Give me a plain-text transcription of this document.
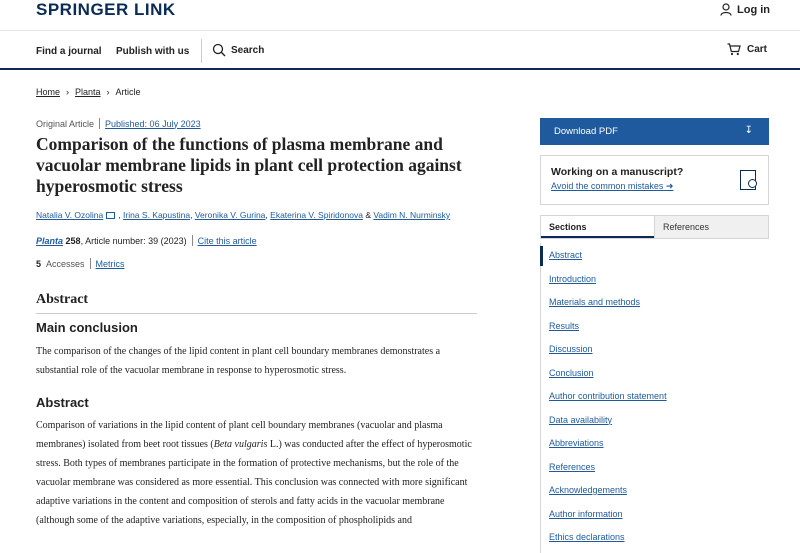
SPRINGER LINK	Log in
Find a journal Publish with us	Search	Cart
Home › Planta › Article
Original Article Published: 06 July 2023
Comparison of the functions of plasma membrane and vacuolar membrane lipids in plant cell protection against hyperosmotic stress
Natalia V. Ozolina , Irina S. Kapustina, Veronika V. Gurina, Ekaterina V. Spiridonova & Vadim N. Nurminsky
Planta
258 , Article number: 39 (2023) Cite this article
5 Accesses Metrics
Abstract
Main conclusion

The comparison of the changes of the lipid content in plant cell boundary membranes demonstrates a substantial role of the vacuolar membrane in response to hyperosmotic stress.

Abstract

Comparison of variations in the lipid content of plant cell boundary membranes (vacuolar and plasma membranes) isolated from beet root tissues (Beta vulgaris L.) was conducted after the effect of hyperosmotic stress. Both types of membranes participate in the formation of protective mechanisms, but the role of the vacuolar membrane was considered as more essential. This conclusion was connected with more significant adaptive variations in the content and composition of sterols and fatty acids in the vacuolar membrane (although some of the adaptive variations, especially, in the composition of phospholipids and

Download PDF	↧
Working on a manuscript?
Avoid the common mistakes ➜
Sections	References
Abstract
Introduction
Materials and methods
Results
Discussion
Conclusion
Author contribution statement
Data availability
Abbreviations
References
Acknowledgements
Author information
Ethics declarations
